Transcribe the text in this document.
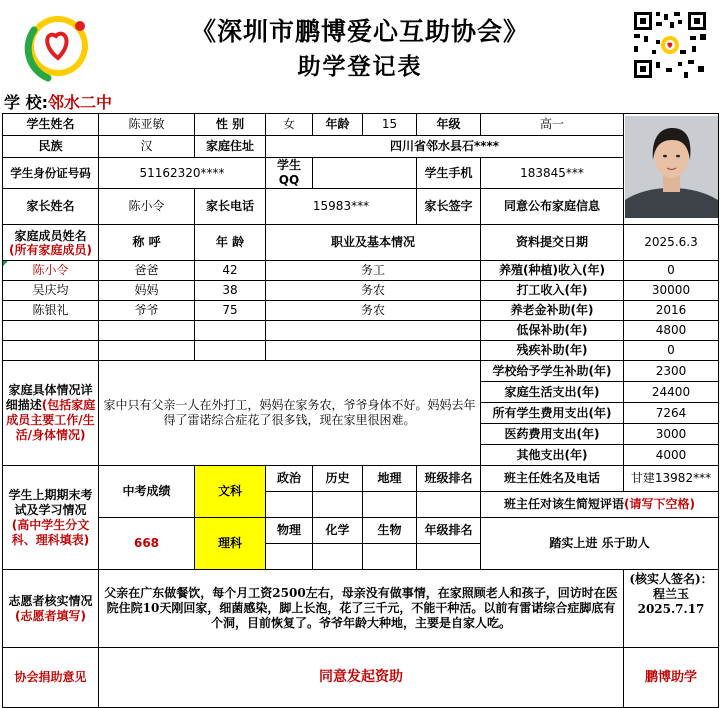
《深圳市鹏博爱心互助协会》
助学登记表
学 校:邻水二中
学生姓名	陈亚敏	性 别	女	年龄	15	年级	高一	
民族	汉	家庭住址	四川省邻水县石****					
学生身份证号码	51162320****		学生QQ			学生手机	183845***	
家长姓名	陈小令	家长电话	15983***			家长签字	同意公布家庭信息	
家庭成员姓名
(所有家庭成员)	称 呼	年 龄	职业及基本情况				资料提交日期	2025.6.3
陈小令	爸爸	42	务工				养殖(种植)收入(年)	0
吴庆均	妈妈	38	务农				打工收入(年)	30000
陈银礼	爷爷	75	务农				养老金补助(年)	2016
							低保补助(年)	4800
							残疾补助(年)	0
家庭具体情况详细描述(包括家庭成员主要工作/生活/身体情况)	家中只有父亲一人在外打工，妈妈在家务农，爷爷身体不好。妈妈去年得了雷诺综合症花了很多钱，现在家里很困难。						学校给予学生补助(年)	2300
							家庭生活支出(年)	24400
							所有学生费用支出(年)	7264
							医药费用支出(年)	3000
							其他支出(年)	4000
学生上期期末考试及学习情况
(高中学生分文科、理科填表)	中考成绩	文科	政治	历史	地理	班级排名	班主任姓名及电话	甘建13982***
							班主任对该生简短评语(请写下空格)	
	668	理科	物理	化学	生物	年级排名	踏实上进 乐于助人	

志愿者核实情况
(志愿者填写)	父亲在广东做餐饮，每个月工资2500左右，母亲没有做事情，在家照顾老人和孩子，回访时在医院住院10天刚回家，细菌感染，脚上长泡，花了三千元，不能干种活。以前有雷诺综合症脚底有个洞，目前恢复了。爷爷年龄大种地，主要是自家人吃。							(核实人签名)：程兰玉
2025.7.17
协会捐助意见	同意发起资助							鹏博助学
